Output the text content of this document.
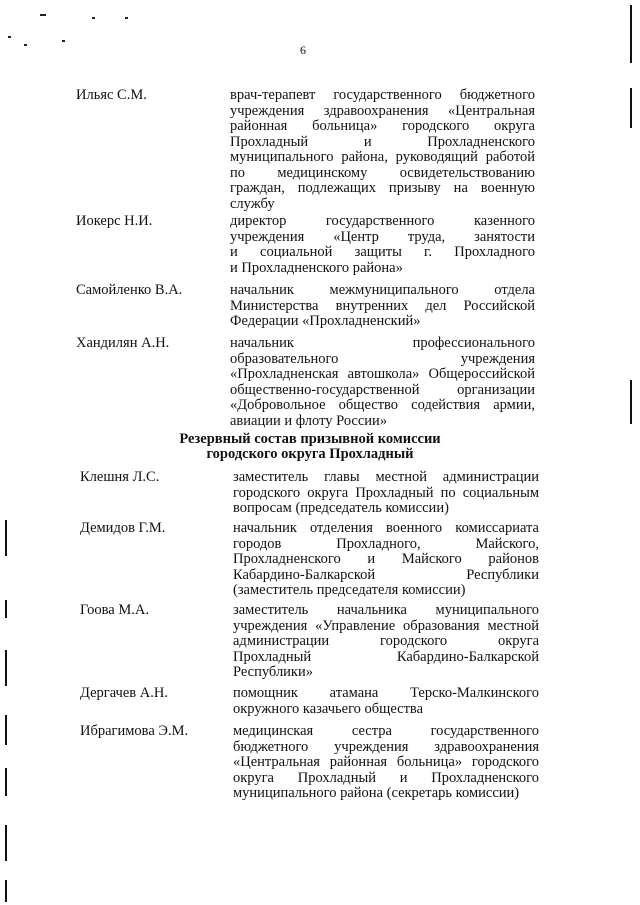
6
Ильяс С.М.	врач-терапевт государственного бюджетного
учреждения здравоохранения «Центральная
районная больница» городского округа
Прохладный и Прохладненского
муниципального района, руководящий работой
по медицинскому освидетельствованию
граждан, подлежащих призыву на военную
службу
Иокерс Н.И.	директор государственного казенного
учреждения «Центр труда, занятости
и социальной защиты г. Прохладного
и Прохладненского района»
Самойленко В.А.	начальник межмуниципального отдела
Министерства внутренних дел Российской
Федерации «Прохладненский»
Хандилян А.Н.	начальник профессионального
образовательного учреждения
«Прохладненская автошкола» Общероссийской
общественно-государственной организации
«Добровольное общество содействия армии,
авиации и флоту России»
Резервный состав призывной комиссии
городского округа Прохладный
Клешня Л.С.	заместитель главы местной администрации
городского округа Прохладный по социальным
вопросам (председатель комиссии)
Демидов Г.М.	начальник отделения военного комиссариата
городов Прохладного, Майского,
Прохладненского и Майского районов
Кабардино-Балкарской Республики
(заместитель председателя комиссии)
Гоова М.А.	заместитель начальника муниципального
учреждения «Управление образования местной
администрации городского округа
Прохладный Кабардино-Балкарской
Республики»
Дергачев А.Н.	помощник атамана Терско-Малкинского
окружного казачьего общества
Ибрагимова Э.М.	медицинская сестра государственного
бюджетного учреждения здравоохранения
«Центральная районная больница» городского
округа Прохладный и Прохладненского
муниципального района (секретарь комиссии)
